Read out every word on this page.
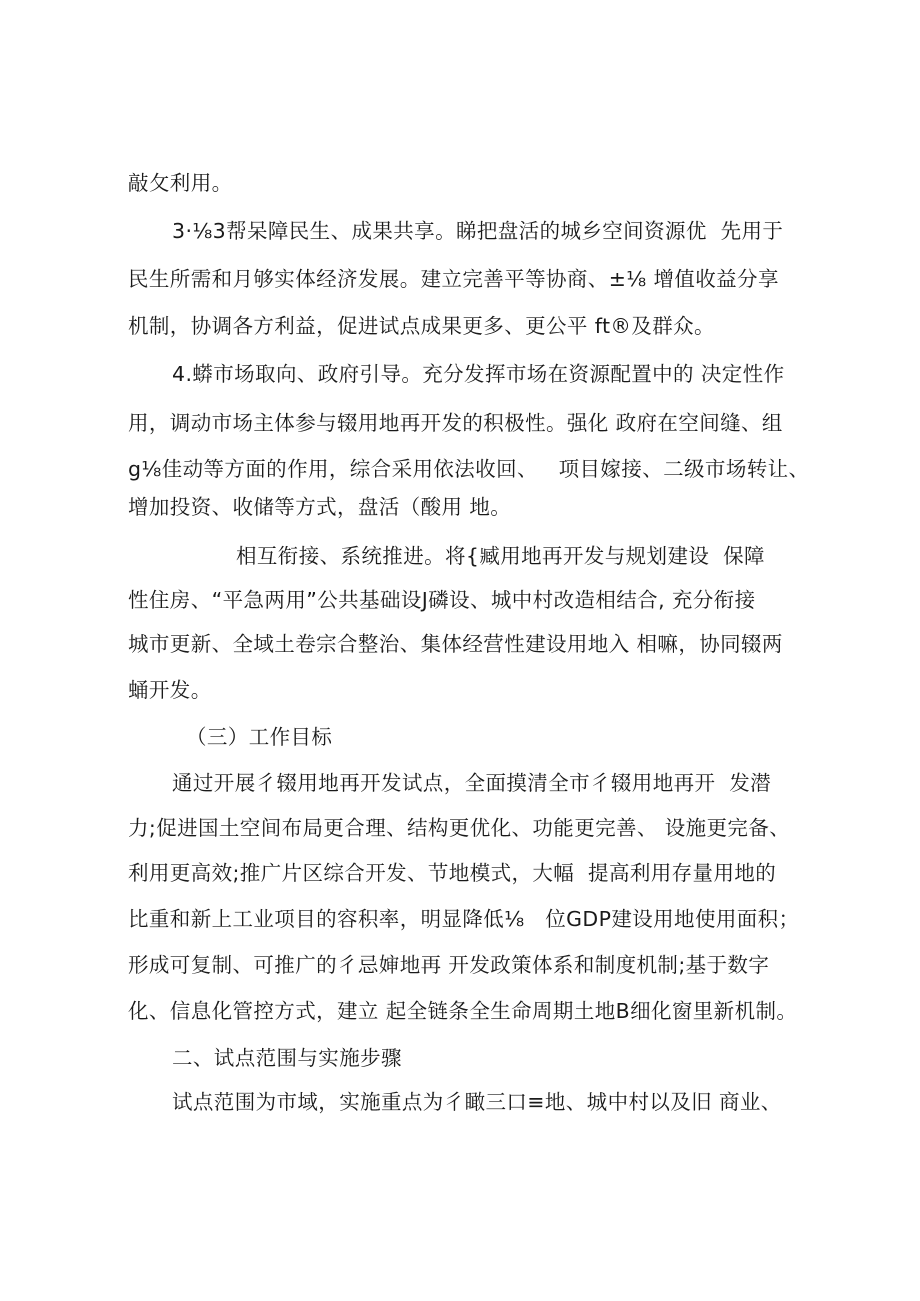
敲攵利用。
3·⅛3帮呆障民生、成果共享。睇把盘活的城乡空间资源优  先用于
民生所需和月够实体经济发展。建立完善平等协商、±⅛ 增值收益分享
机制，协调各方利益，促进试点成果更多、更公平 ft®及群众。
4.蟒市场取向、政府引导。充分发挥市场在资源配置中的 决定性作
用，调动市场主体参与辍用地再开发的积极性。强化 政府在空间缝、组
g⅛佳动等方面的作用，综合采用依法收回、   项目嫁接、二级市场转让、
增加投资、收储等方式，盘活（酸用 地。
相互衔接、系统推进。将{臧用地再开发与规划建设  保障
性住房、“平急两用”公共基础设J磷设、城中村改造相结合, 充分衔接
城市更新、全域土卷宗合整治、集体经营性建设用地入 相嘛，协同辍两
蛹开发。
（三）工作目标
通过开展彳辍用地再开发试点，全面摸清全市彳辍用地再开  发潜
力;促进国土空间布局更合理、结构更优化、功能更完善、 设施更完备、
利用更高效;推广片区综合开发、节地模式，大幅  提高利用存量用地的
比重和新上工业项目的容积率，明显降低⅛   位GDP建设用地使用面积；
形成可复制、可推广的彳忌婶地再 开发政策体系和制度机制;基于数字
化、信息化管控方式，建立 起全链条全生命周期土地B细化窗里新机制。
二、试点范围与实施步骤
试点范围为市域，实施重点为彳瞰三口≡地、城中村以及旧 商业、
